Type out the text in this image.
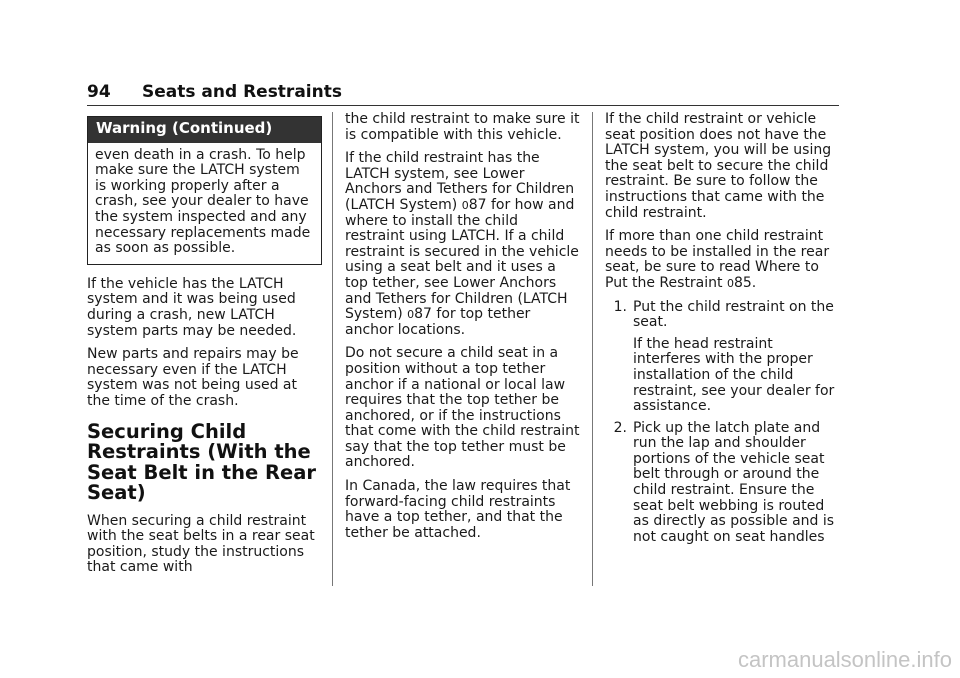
94 Seats and Restraints
Warning (Continued)
even death in a crash. To help make sure the LATCH system is working properly after a crash, see your dealer to have the system inspected and any necessary replacements made as soon as possible.

If the vehicle has the LATCH system and it was being used during a crash, new LATCH system parts may be needed.

New parts and repairs may be necessary even if the LATCH system was not being used at the time of the crash.

Securing Child Restraints (With the Seat Belt in the Rear Seat)

When securing a child restraint with the seat belts in a rear seat position, study the instructions that came with

the child restraint to make sure it is compatible with this vehicle.

If the child restraint has the LATCH system, see Lower Anchors and Tethers for Children (LATCH System) 087 for how and where to install the child restraint using LATCH. If a child restraint is secured in the vehicle using a seat belt and it uses a top tether, see Lower Anchors and Tethers for Children (LATCH System) 087 for top tether anchor locations.

Do not secure a child seat in a position without a top tether anchor if a national or local law requires that the top tether be anchored, or if the instructions that come with the child restraint say that the top tether must be anchored.

In Canada, the law requires that forward-facing child restraints have a top tether, and that the tether be attached.

If the child restraint or vehicle seat position does not have the LATCH system, you will be using the seat belt to secure the child restraint. Be sure to follow the instructions that came with the child restraint.

If more than one child restraint needs to be installed in the rear seat, be sure to read Where to Put the Restraint 085.

1. Put the child restraint on the seat.
If the head restraint interferes with the proper installation of the child restraint, see your dealer for assistance.
2. Pick up the latch plate and run the lap and shoulder portions of the vehicle seat belt through or around the child restraint. Ensure the seat belt webbing is routed as directly as possible and is not caught on seat handles
carmanualsonline.info
